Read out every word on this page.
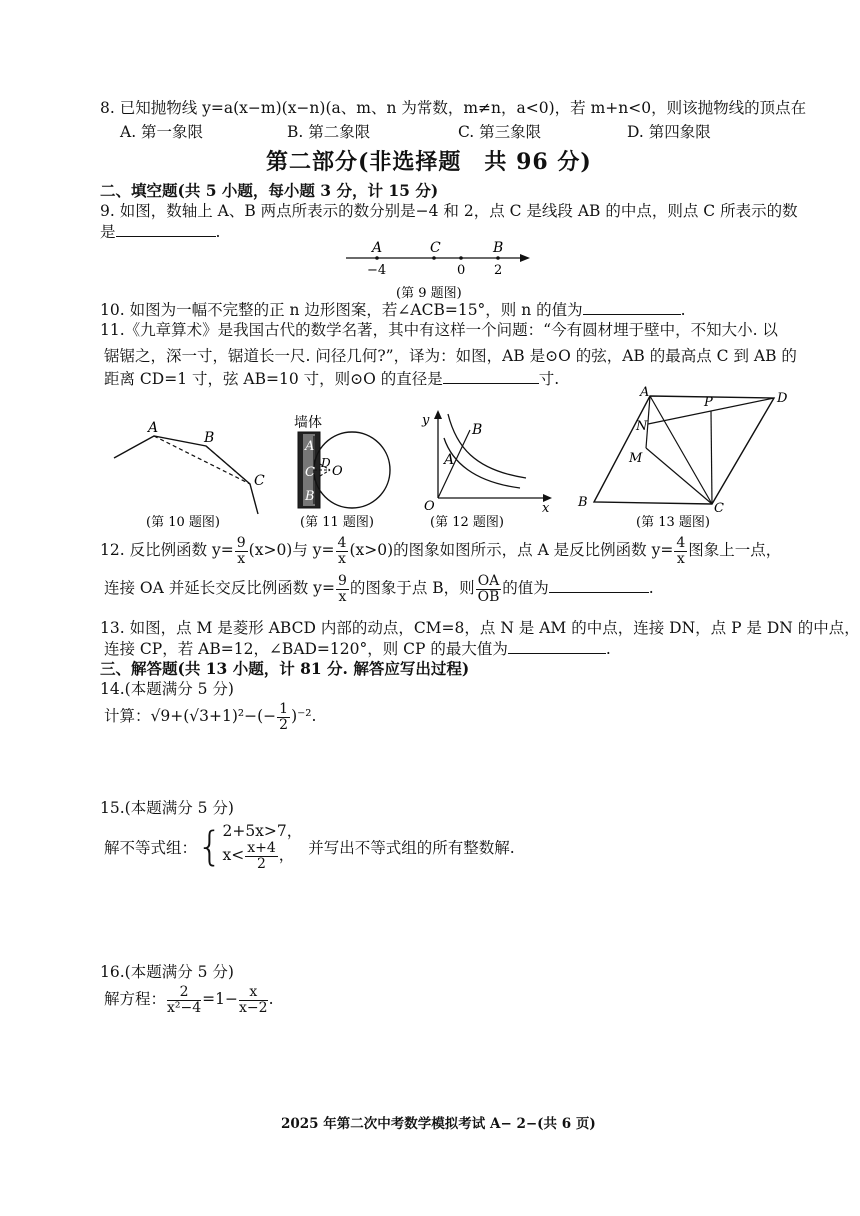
8. 已知抛物线 y=a(x−m)(x−n)(a、m、n 为常数，m≠n，a<0)，若 m+n<0，则该抛物线的顶点在
A. 第一象限	B. 第二象限	C. 第三象限	D. 第四象限
第二部分(非选择题　共 96 分)
二、填空题(共 5 小题，每小题 3 分，计 15 分)
9. 如图，数轴上 A、B 两点所表示的数分别是−4 和 2，点 C 是线段 AB 的中点，则点 C 所表示的数
是	.
A	C	B
−4	0 2
(第 9 题图)
10. 如图为一幅不完整的正 n 边形图案，若∠ACB=15°，则 n 的值为	.
11.《九章算术》是我国古代的数学名著，其中有这样一个问题：“今有圆材埋于壁中，不知大小. 以
锯锯之，深一寸，锯道长一尺. 问径几何?”，译为：如图，AB 是⊙O 的弦，AB 的最高点 C 到 AB 的
距离 CD=1 寸，弦 AB=10 寸，则⊙O 的直径是	寸.
A
B
C
(第 10 题图)
墙体
A
C
D
B
O
(第 11 题图)
y
x
O
A
B
(第 12 题图)
A
P	D
N
M
B	C
(第 13 题图)
12. 反比例函数 $y= \frac{9}{x} (x>0)$与 $y= \frac{4}{x} (x>0)$的图象如图所示，点 A 是反比例函数 $y= \frac{4}{x}$ 图象上一点，
连接 OA 并延长交反比例函数 $y= \frac{9}{x}$ 的图象于点 B，则 $\frac{OA}{OB}$ 的值为	.
13. 如图，点 M 是菱形 ABCD 内部的动点，CM=8，点 N 是 AM 的中点，连接 DN，点 P 是 DN 的中点，
连接 CP，若 AB=12，∠BAD=120°，则 CP 的最大值为	.
三、解答题(共 13 小题，计 81 分. 解答应写出过程)
14.(本题满分 5 分)
计算：$√9+(√3+1)^2-(- \frac{1}{2} )^{-2}$.
15.(本题满分 5 分)
解不等式组：{ 2+5x>7，
$x< \frac{x+4}{2}$ ， 并写出不等式组的所有整数解.
16.(本题满分 5 分)
解方程： $\frac{2}{\text{x²−4}} =1- \frac{x}{x-2}$ .
2025 年第二次中考数学模拟考试 A− 2−(共 6 页)
